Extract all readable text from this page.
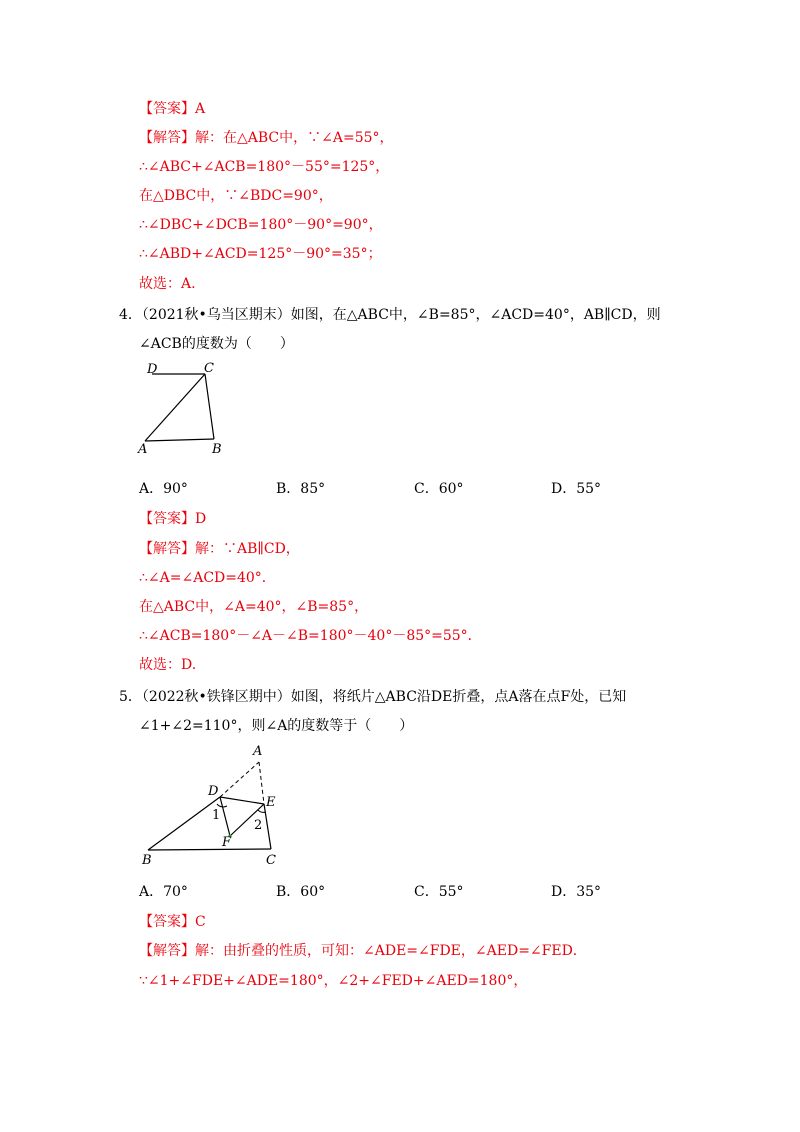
【答案】A
【解答】解：在△ABC中，∵∠A=55°，
∴∠ABC+∠ACB=180°－55°=125°，
在△DBC中，∵∠BDC=90°，
∴∠DBC+∠DCB=180°－90°=90°，
∴∠ABD+∠ACD=125°－90°=35°；
故选：A.
4．（2021秋•乌当区期末）如图，在△ABC中，∠B=85°，∠ACD=40°，AB∥CD，则
∠ACB的度数为（　　）
D	C
A	B
A．90°	B．85°	C．60°	D．55°
【答案】D
【解答】解：∵AB∥CD，
∴∠A=∠ACD=40°．
在△ABC中，∠A=40°，∠B=85°，
∴∠ACB=180°－∠A－∠B=180°－40°－85°=55°．
故选：D.
5．（2022秋•铁锋区期中）如图，将纸片△ABC沿DE折叠，点A落在点F处，已知
∠1+∠2=110°，则∠A的度数等于（　　）
A
D
E
F
B	C
1
2
A．70°	B．60°	C．55°	D．35°
【答案】C
【解答】解：由折叠的性质，可知：∠ADE=∠FDE，∠AED=∠FED．
∵∠1+∠FDE+∠ADE=180°，∠2+∠FED+∠AED=180°，
